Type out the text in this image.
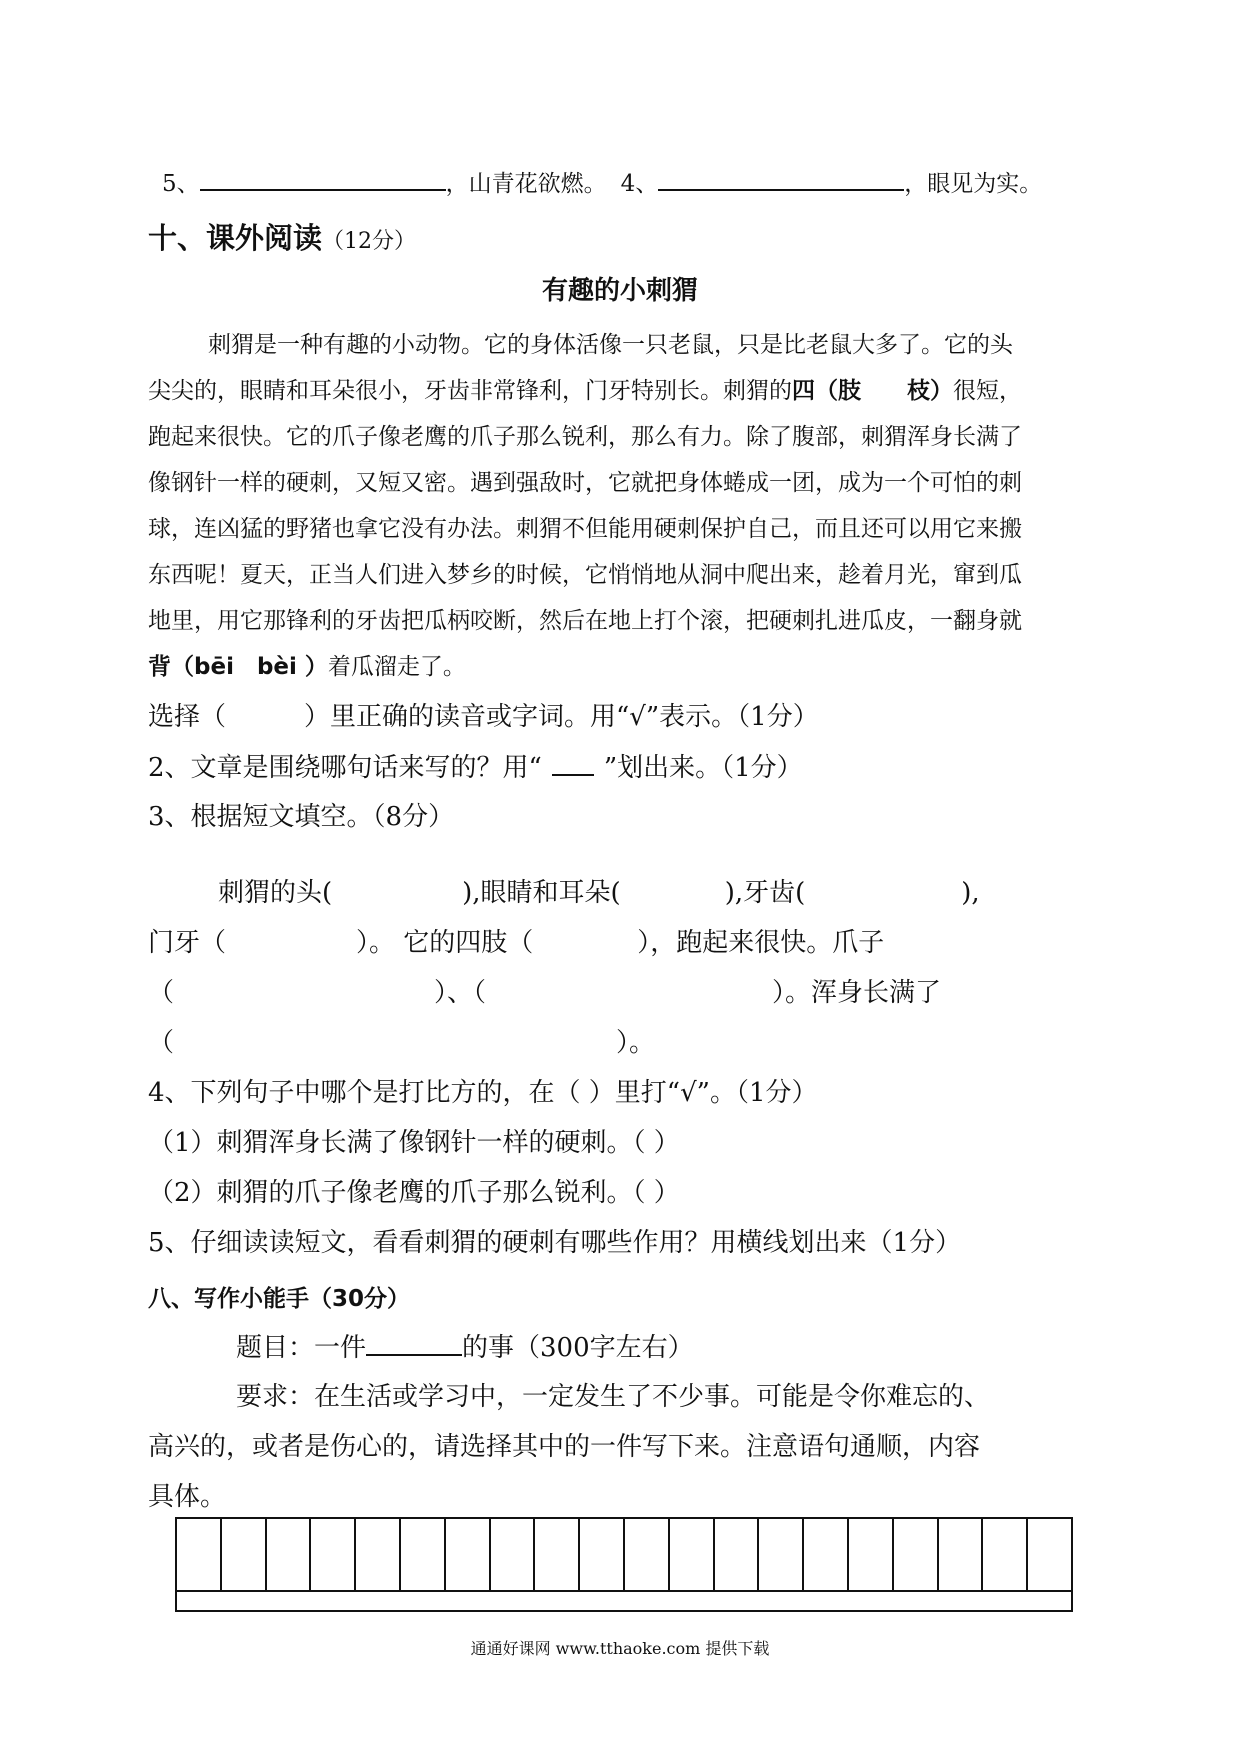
5、	，山青花欲燃。 4、	，眼见为实。
十、课外阅读（12分）
有趣的小刺猬
刺猬是一种有趣的小动物。它的身体活像一只老鼠，只是比老鼠大多了。它的头
尖尖的，眼睛和耳朵很小，牙齿非常锋利，门牙特别长。刺猬的四（肢　　枝）很短，
跑起来很快。它的爪子像老鹰的爪子那么锐利，那么有力。除了腹部，刺猬浑身长满了
像钢针一样的硬刺，又短又密。遇到强敌时，它就把身体蜷成一团，成为一个可怕的刺
球，连凶猛的野猪也拿它没有办法。刺猬不但能用硬刺保护自己，而且还可以用它来搬
东西呢！夏天，正当人们进入梦乡的时候，它悄悄地从洞中爬出来，趁着月光，窜到瓜
地里，用它那锋利的牙齿把瓜柄咬断，然后在地上打个滚，把硬刺扎进瓜皮，一翻身就
背（bēi　bèi ）着瓜溜走了。
选择（　　　）里正确的读音或字词。用“√”表示。（1分）
2、文章是围绕哪句话来写的？用“ ”划出来。（1分）
3、根据短文填空。（8分）
刺猬的头(　　　　　),眼睛和耳朵(　　　　),牙齿(　　　　　　),
门牙（　　　　　）。 它的四肢（　　　　），跑起来很快。爪子
（　　　　　　　　　　）、（　　　　　　　　　　　）。浑身长满了
（　　　　　　　　　　　　　　　　　）。
4、下列句子中哪个是打比方的，在（ ）里打“√”。（1分）
（1）刺猬浑身长满了像钢针一样的硬刺。（ ）
（2）刺猬的爪子像老鹰的爪子那么锐利。（ ）
5、仔细读读短文，看看刺猬的硬刺有哪些作用？用横线划出来（1分）
八、写作小能手（30分）
题目：一件	的事（300字左右）
要求：在生活或学习中，一定发生了不少事。可能是令你难忘的、
高兴的，或者是伤心的，请选择其中的一件写下来。注意语句通顺，内容
具体。
通通好课网 www.tthaoke.com 提供下载
